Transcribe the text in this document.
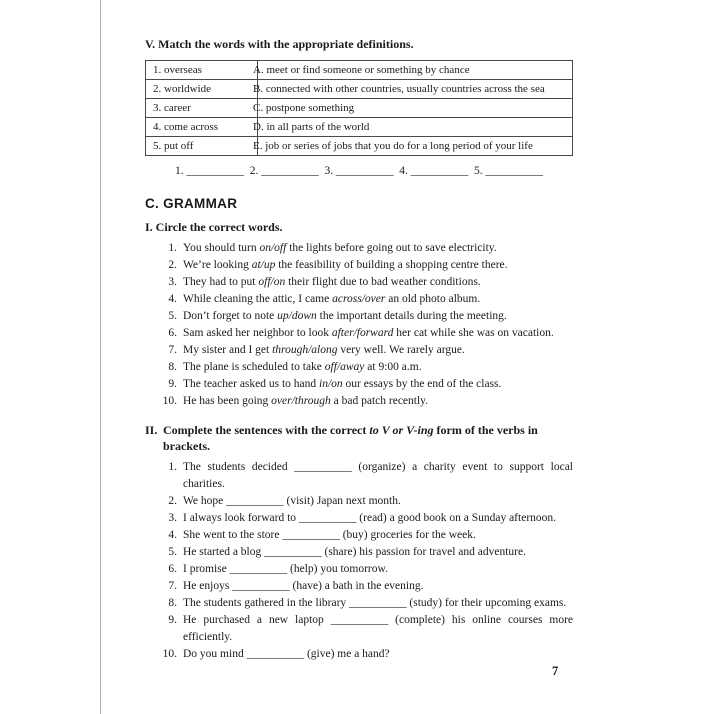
V. Match the words with the appropriate definitions.
1. overseas	A. meet or find someone or something by chance
2. worldwide	B. connected with other countries, usually countries across the sea
3. career	C. postpone something
4. come across	D. in all parts of the world
5. put off	E. job or series of jobs that you do for a long period of your life
1. __________  2. __________  3. __________  4. __________  5. __________
C. GRAMMAR
I. Circle the correct words.
1. You should turn on/off the lights before going out to save electricity.
2. We’re looking at/up the feasibility of building a shopping centre there.
3. They had to put off/on their flight due to bad weather conditions.
4. While cleaning the attic, I came across/over an old photo album.
5. Don’t forget to note up/down the important details during the meeting.
6. Sam asked her neighbor to look after/forward her cat while she was on vacation.
7. My sister and I get through/along very well. We rarely argue.
8. The plane is scheduled to take off/away at 9:00 a.m.
9. The teacher asked us to hand in/on our essays by the end of the class.
10. He has been going over/through a bad patch recently.
II. Complete the sentences with the correct to V or V-ing form of the verbs in brackets.
1. The students decided __________ (organize) a charity event to support local charities.
2. We hope __________ (visit) Japan next month.
3. I always look forward to __________ (read) a good book on a Sunday afternoon.
4. She went to the store __________ (buy) groceries for the week.
5. He started a blog __________ (share) his passion for travel and adventure.
6. I promise __________ (help) you tomorrow.
7. He enjoys __________ (have) a bath in the evening.
8. The students gathered in the library __________ (study) for their upcoming exams.
9. He purchased a new laptop __________ (complete) his online courses more efficiently.
10. Do you mind __________ (give) me a hand?
7
